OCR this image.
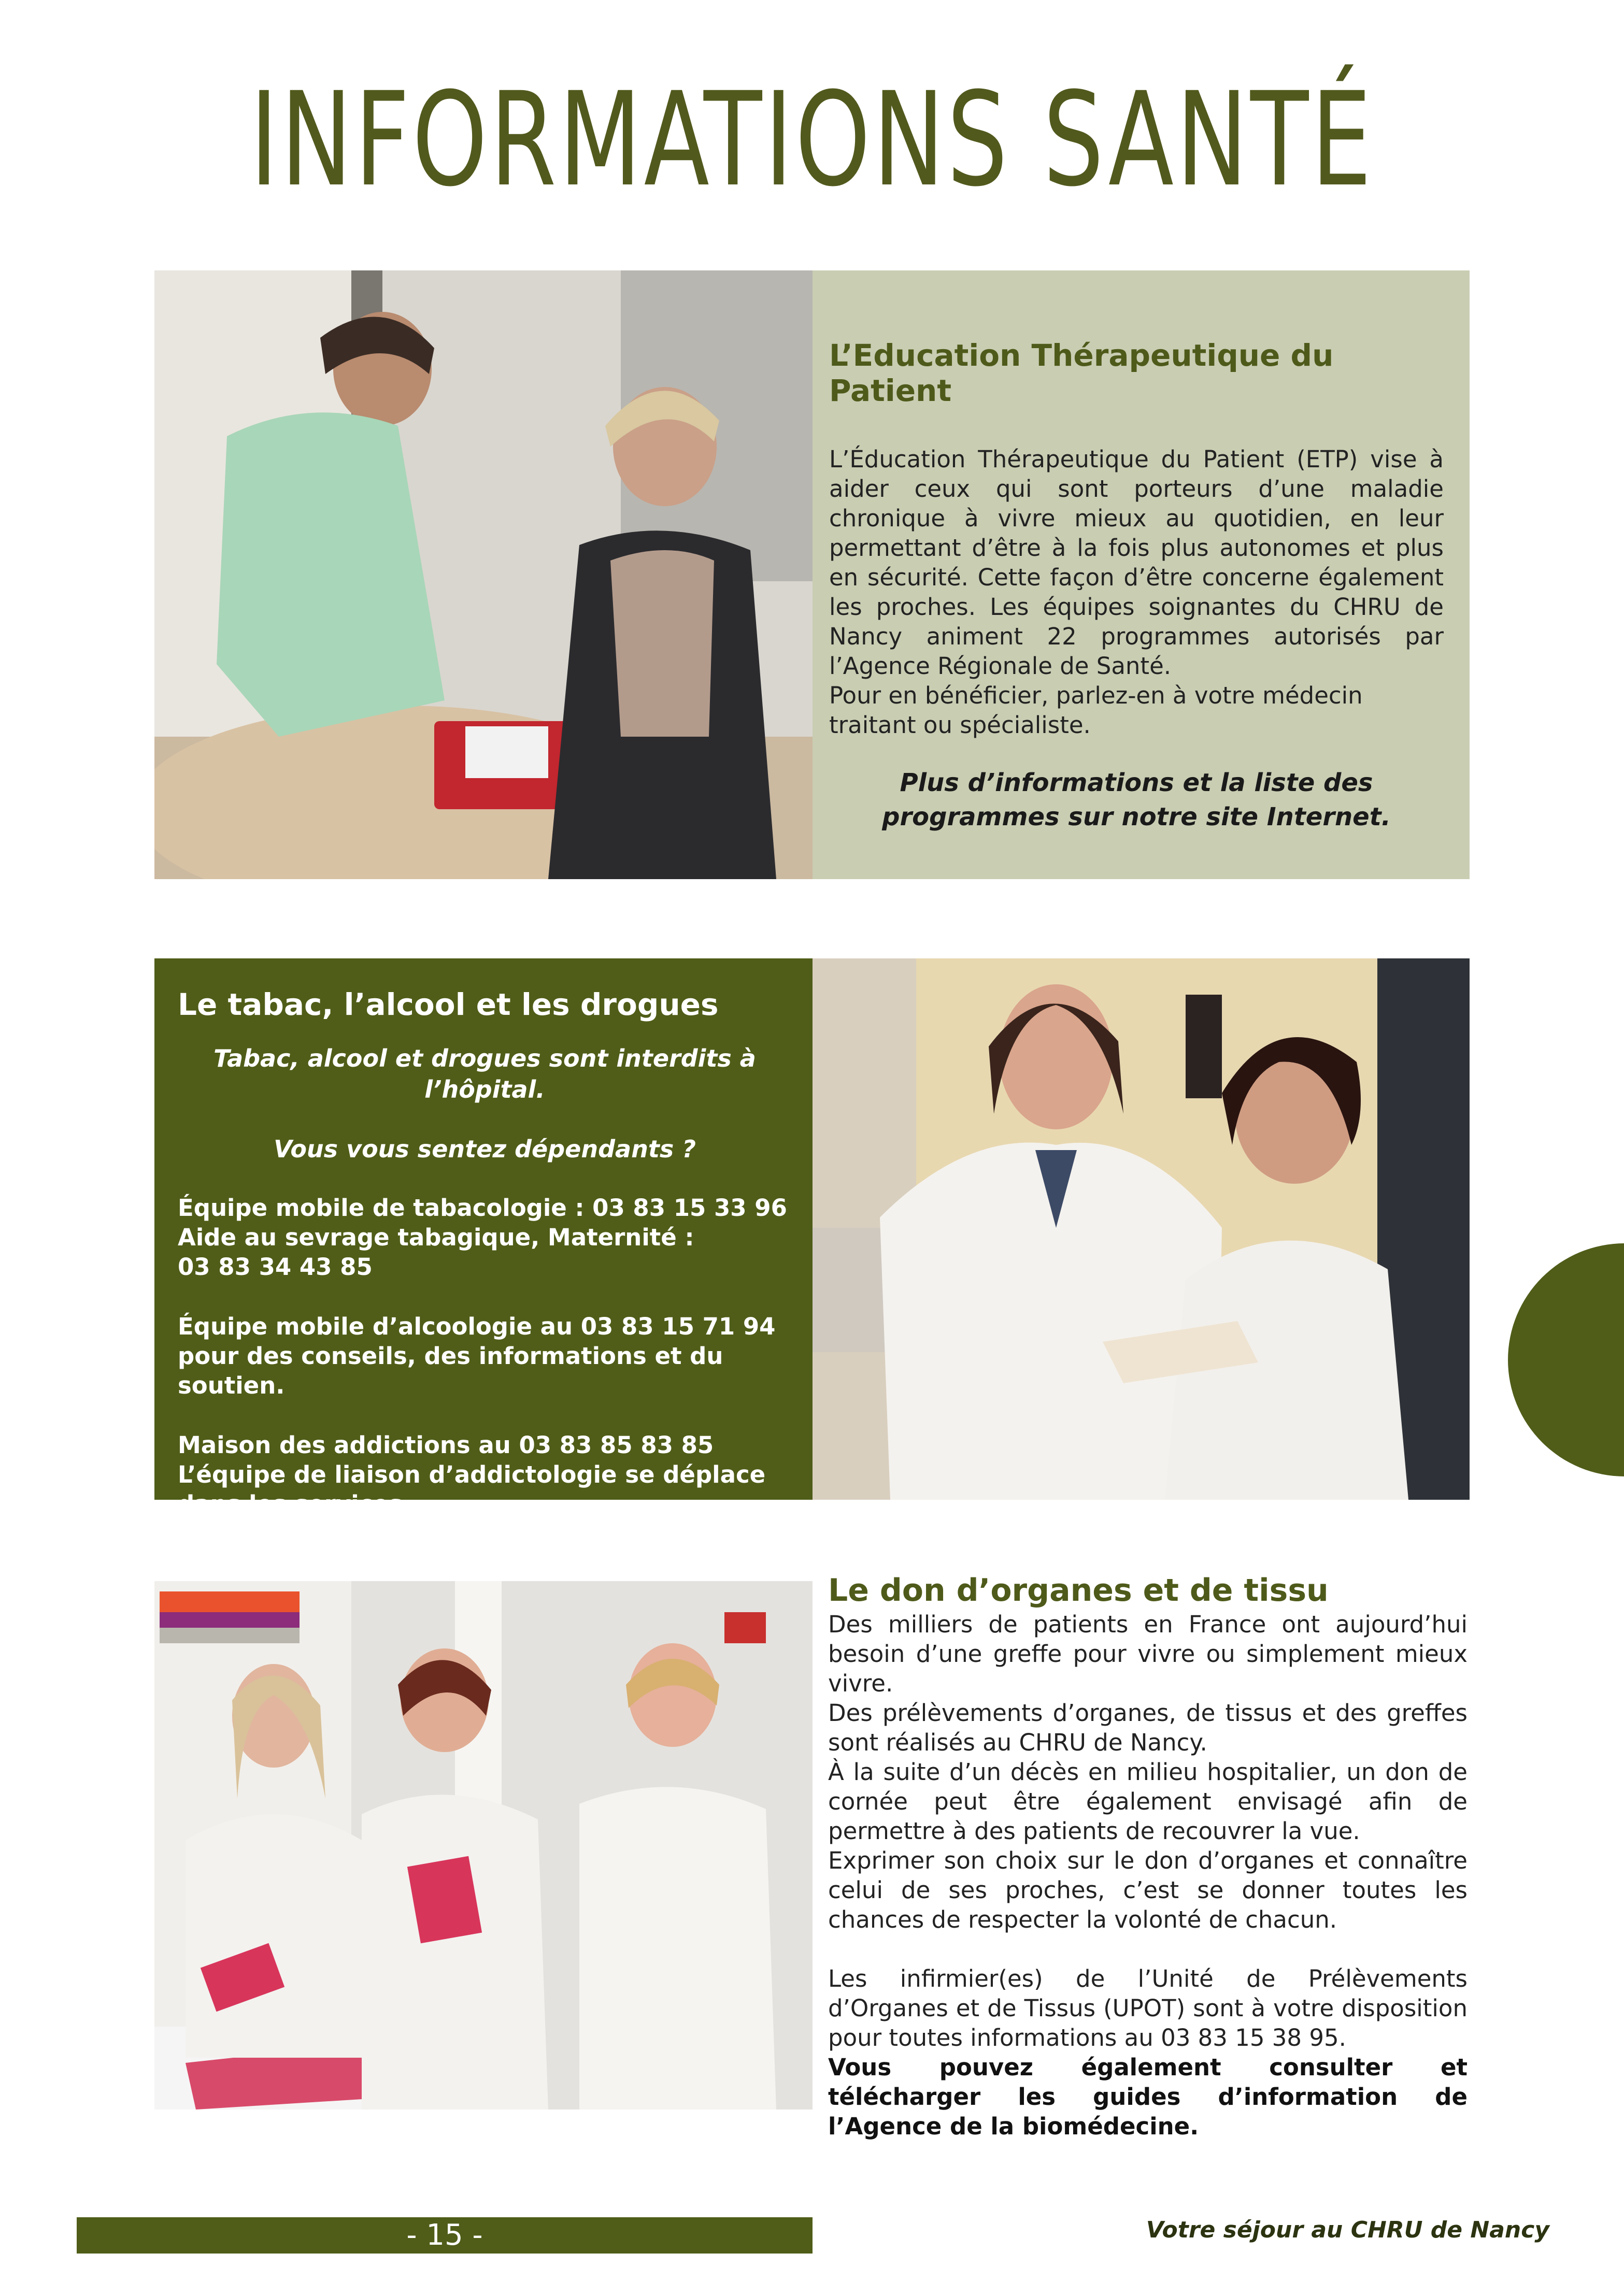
INFORMATIONS SANTÉ
L’Education Thérapeutique du Patient

L’Éducation Thérapeutique du Patient (ETP) vise à aider ceux qui sont porteurs d’une maladie chronique à vivre mieux au quotidien, en leur permettant d’être à la fois plus autonomes et plus en sécurité. Cette façon d’être concerne également les proches. Les équipes soignantes du CHRU de Nancy animent 22 programmes autorisés par l’Agence Régionale de Santé.

Pour en bénéficier, parlez-en à votre médecin traitant ou spécialiste.

Plus d’informations et la liste des programmes sur notre site Internet.

Le tabac, l’alcool et les drogues

Tabac, alcool et drogues sont interdits à l’hôpital.

Vous vous sentez dépendants ?

Équipe mobile de tabacologie : 03 83 15 33 96

Aide au sevrage tabagique, Maternité :

03 83 34 43 85

Équipe mobile d’alcoologie au 03 83 15 71 94

pour des conseils, des informations et du soutien.

Maison des addictions au 03 83 85 83 85

L’équipe de liaison d’addictologie se déplace dans les services.

Le don d’organes et de tissu

Des milliers de patients en France ont aujourd’hui besoin d’une greffe pour vivre ou simplement mieux vivre.

Des prélèvements d’organes, de tissus et des greffes sont réalisés au CHRU de Nancy.

À la suite d’un décès en milieu hospitalier, un don de cornée peut être également envisagé afin de permettre à des patients de recouvrer la vue.

Exprimer son choix sur le don d’organes et connaître celui de ses proches, c’est se donner toutes les chances de respecter la volonté de chacun.

Les infirmier(es) de l’Unité de Prélèvements d’Organes et de Tissus (UPOT) sont à votre disposition pour toutes informations au 03 83 15 38 95.

Vous pouvez également consulter et télécharger les guides d’information de l’Agence de la biomédecine.

- 15 -	Votre séjour au CHRU de Nancy
